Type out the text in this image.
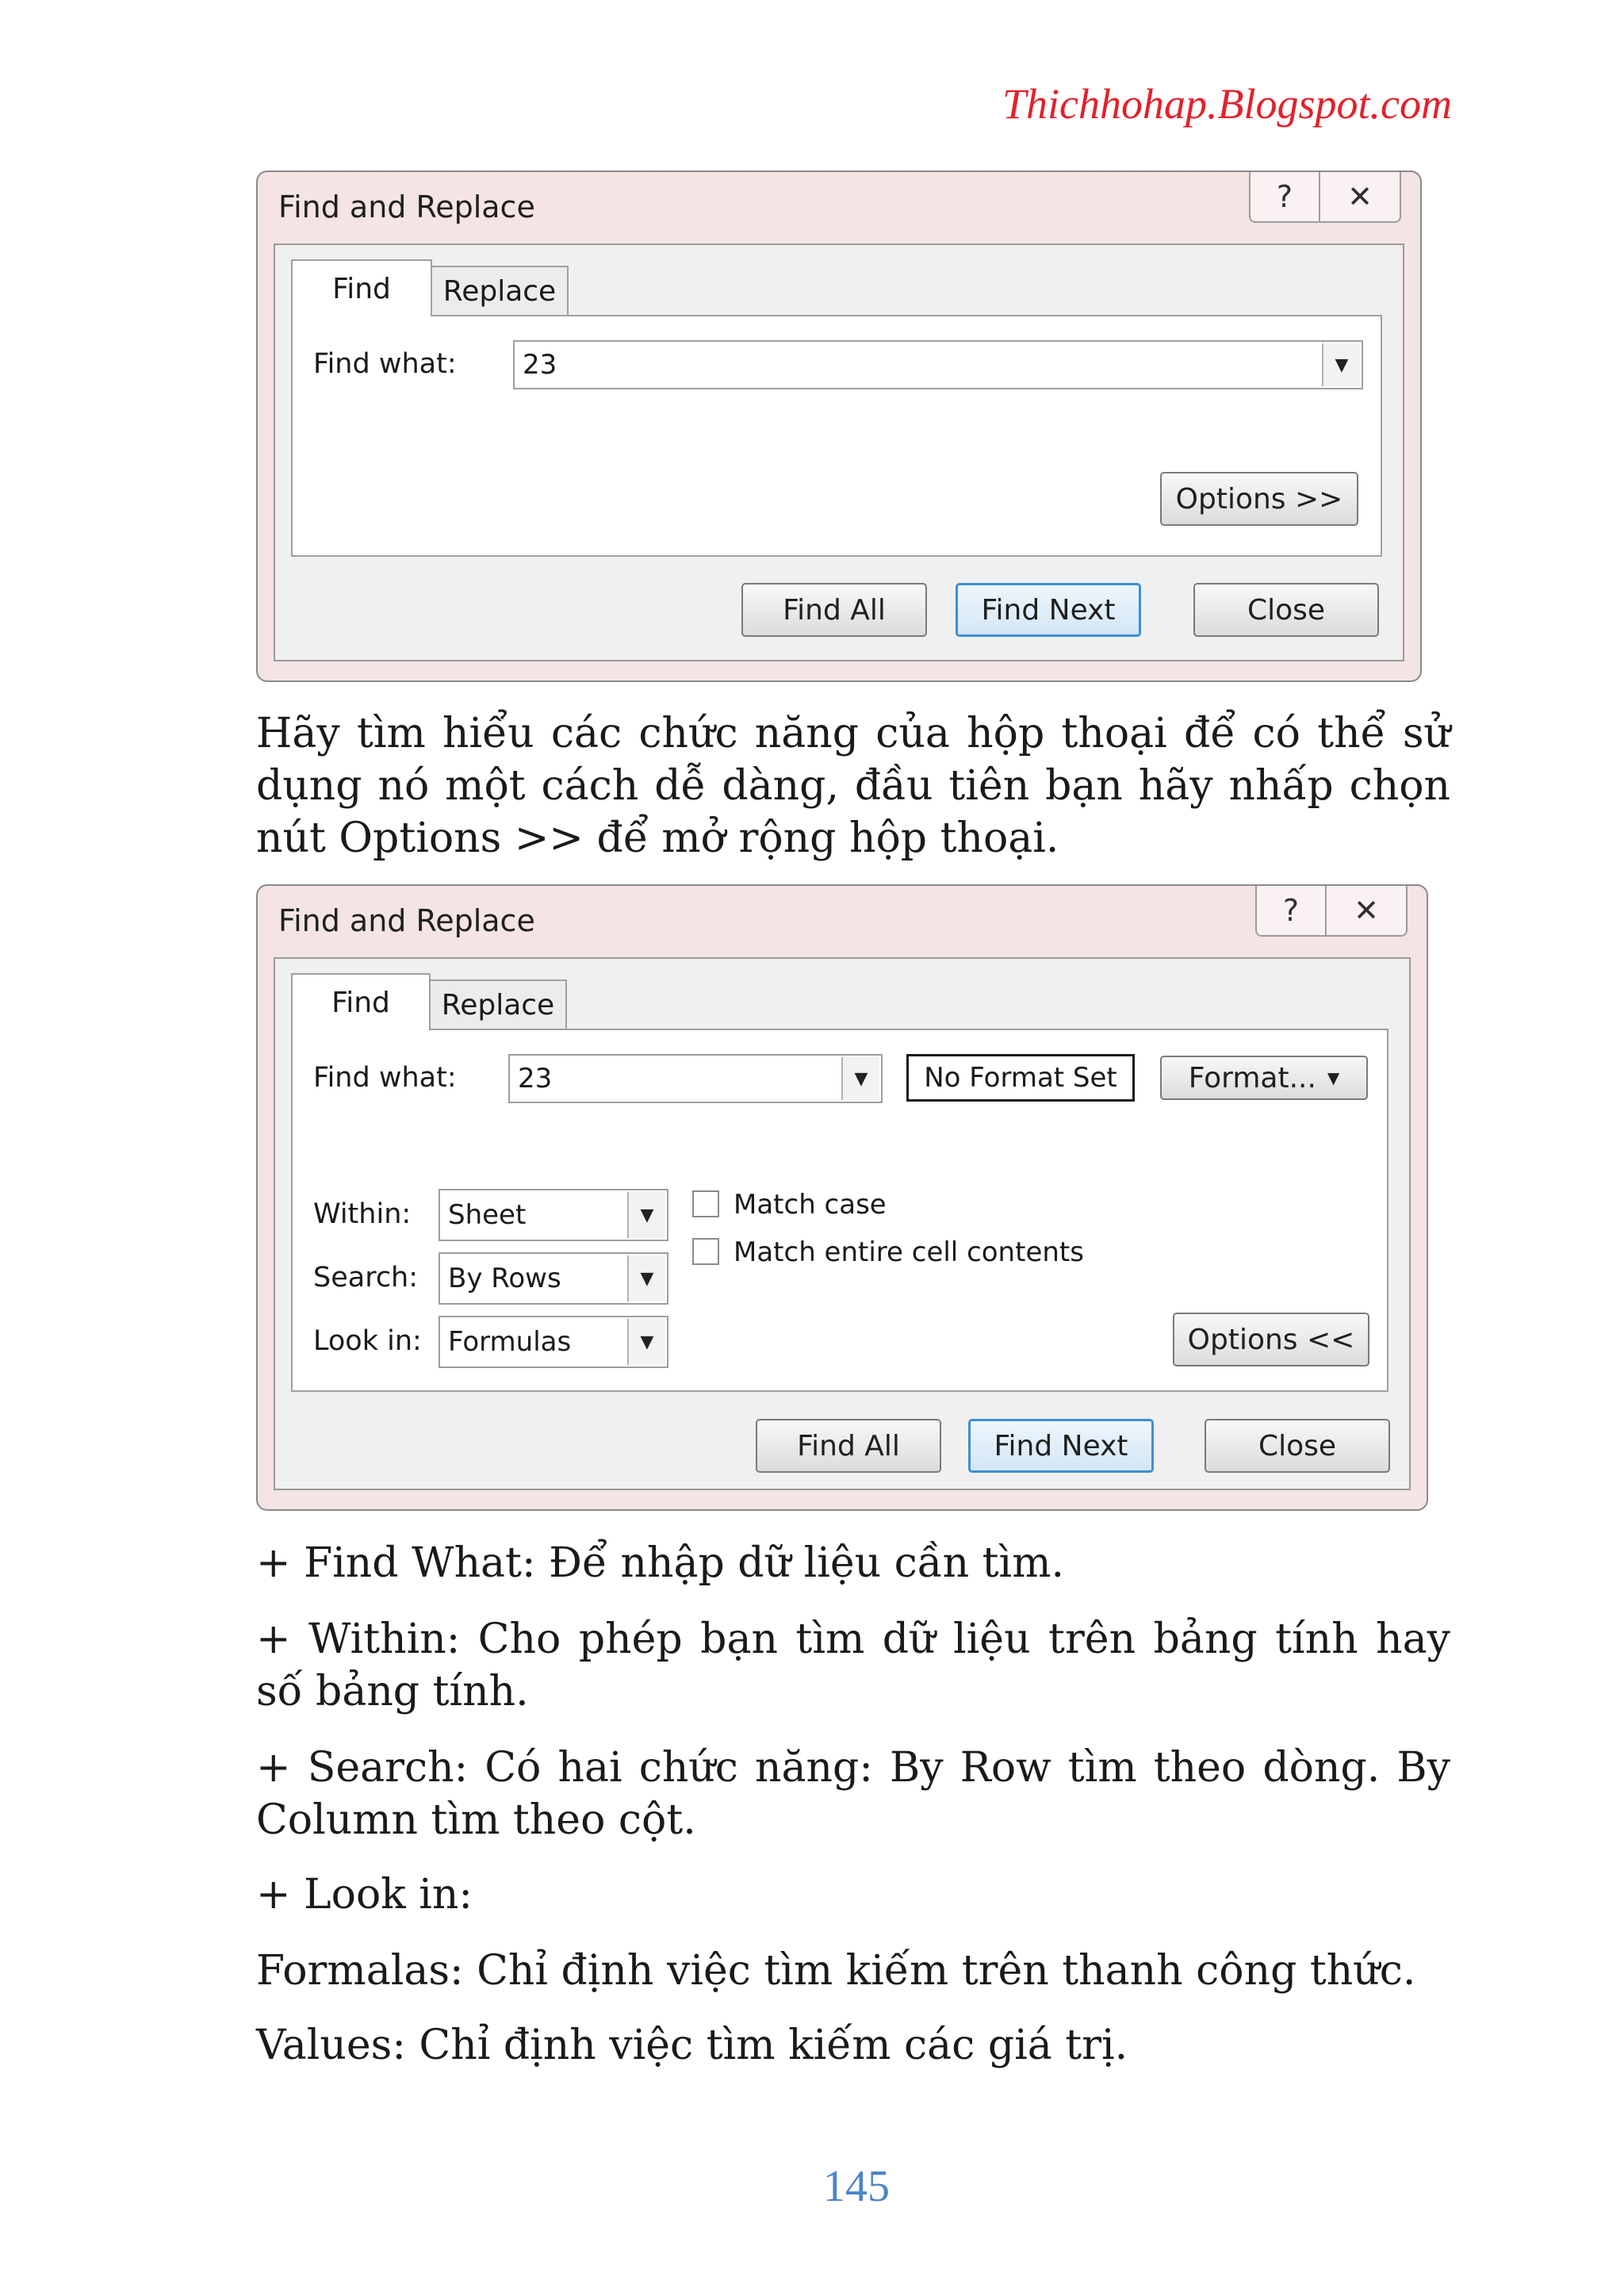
Thichhohap.Blogspot.com
Find and Replace	?	✕
Find	Replace
Find what: 23	▼
Options >>
Find All	Find Next	Close
Hãy tìm hiểu các chức năng của hộp thoại để có thể sử dụng nó một cách dễ dàng, đầu tiên bạn hãy nhấp chọn nút Options >> để mở rộng hộp thoại.
Find and Replace	?	✕
Find	Replace
Find what: 23	▼	No Format Set	Format... ▼
Within: Sheet	▼
Search: By Rows	▼
Look in: Formulas	▼
Match case
Match entire cell contents
Options <<
Find All	Find Next	Close
+ Find What: Để nhập dữ liệu cần tìm.
+ Within: Cho phép bạn tìm dữ liệu trên bảng tính hay số bảng tính.
+ Search: Có hai chức năng: By Row tìm theo dòng. By Column tìm theo cột.
+ Look in:
Formalas: Chỉ định việc tìm kiếm trên thanh công thức.
Values: Chỉ định việc tìm kiếm các giá trị.
145
